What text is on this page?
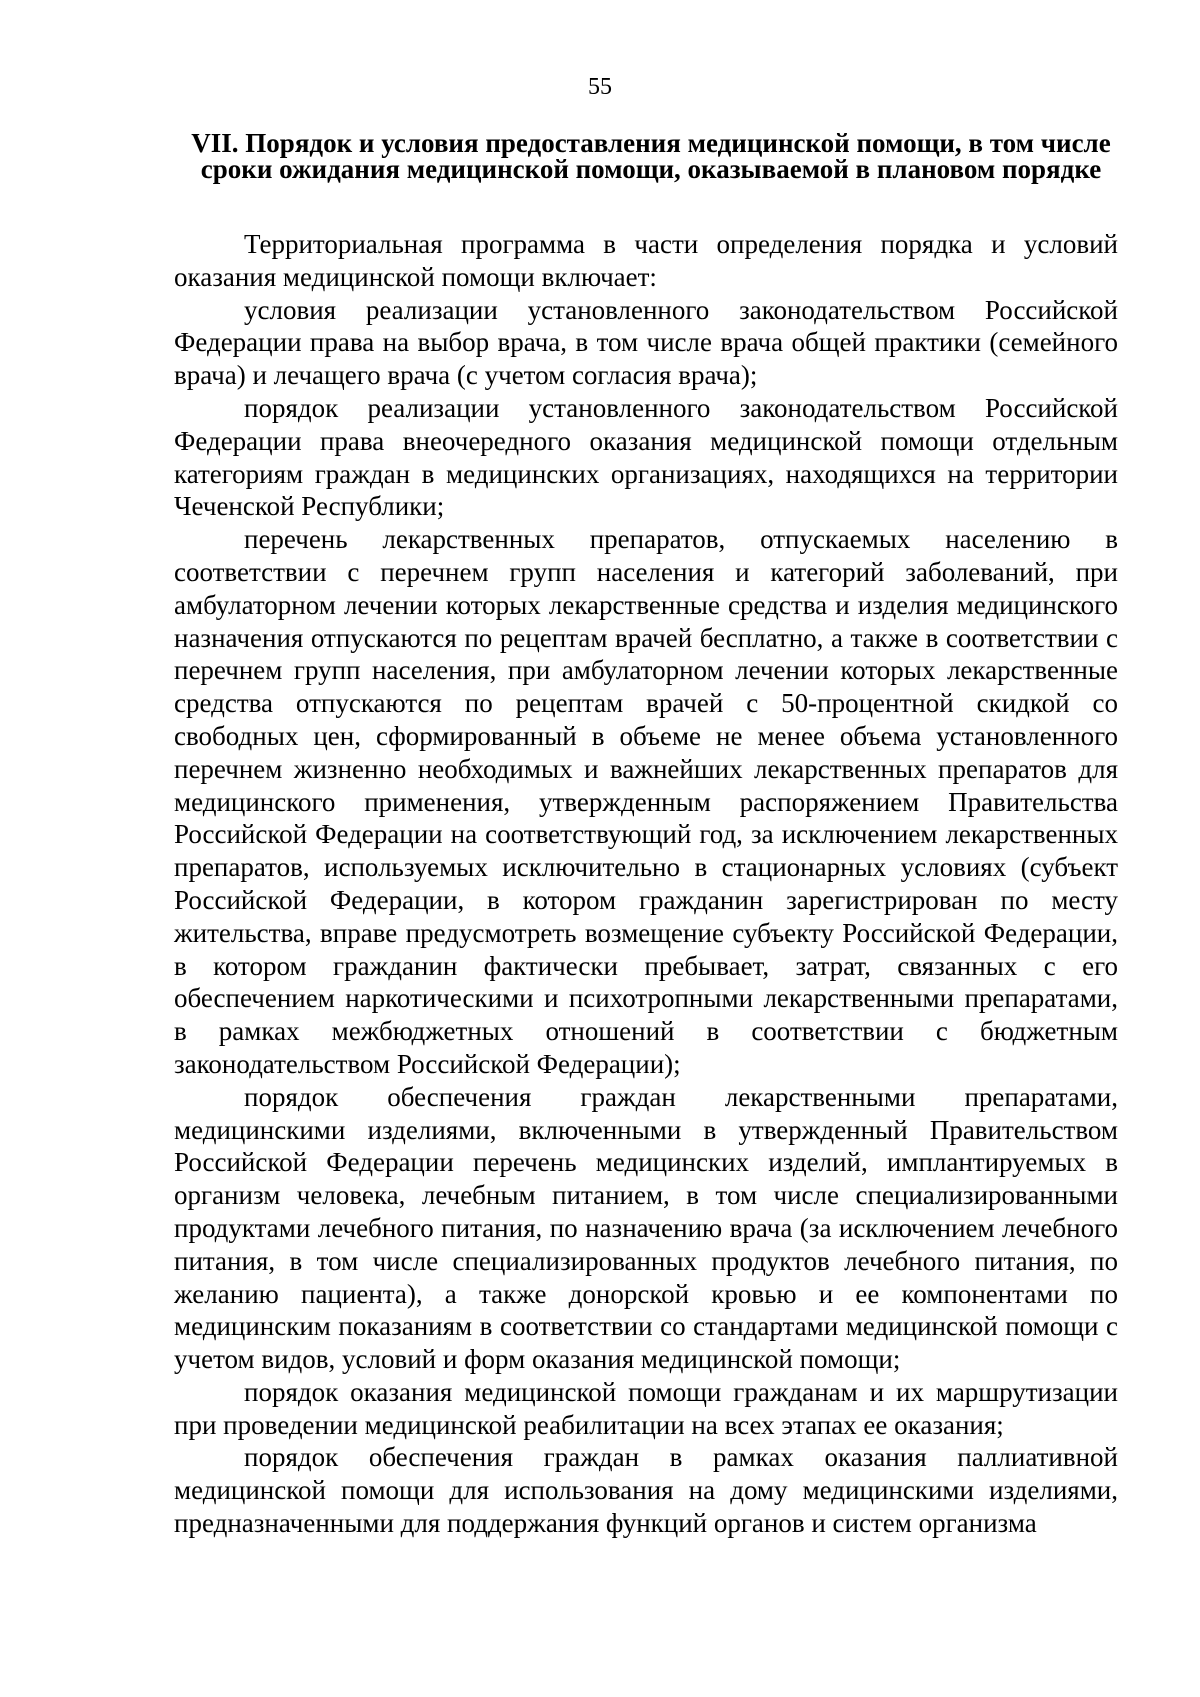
55
VII. Порядок и условия предоставления медицинской помощи, в том числе сроки ожидания медицинской помощи, оказываемой в плановом порядке

Территориальная программа в части определения порядка и условий оказания медицинской помощи включает:

условия реализации установленного законодательством Российской Федерации права на выбор врача, в том числе врача общей практики (семейного врача) и лечащего врача (с учетом согласия врача);

порядок реализации установленного законодательством Российской Федерации права внеочередного оказания медицинской помощи отдельным категориям граждан в медицинских организациях, находящихся на территории Чеченской Республики;

перечень лекарственных препаратов, отпускаемых населению в соответствии с перечнем групп населения и категорий заболеваний, при амбулаторном лечении которых лекарственные средства и изделия медицинского назначения отпускаются по рецептам врачей бесплатно, а также в соответствии с перечнем групп населения, при амбулаторном лечении которых лекарственные средства отпускаются по рецептам врачей с 50-процентной скидкой со свободных цен, сформированный в объеме не менее объема установленного перечнем жизненно необходимых и важнейших лекарственных препаратов для медицинского применения, утвержденным распоряжением Правительства Российской Федерации на соответствующий год, за исключением лекарственных препаратов, используемых исключительно в стационарных условиях (субъект Российской Федерации, в котором гражданин зарегистрирован по месту жительства, вправе предусмотреть возмещение субъекту Российской Федерации, в котором гражданин фактически пребывает, затрат, связанных с его обеспечением наркотическими и психотропными лекарственными препаратами, в рамках межбюджетных отношений в соответствии с бюджетным законодательством Российской Федерации);

порядок обеспечения граждан лекарственными препаратами, медицинскими изделиями, включенными в утвержденный Правительством Российской Федерации перечень медицинских изделий, имплантируемых в организм человека, лечебным питанием, в том числе специализированными продуктами лечебного питания, по назначению врача (за исключением лечебного питания, в том числе специализированных продуктов лечебного питания, по желанию пациента), а также донорской кровью и ее компонентами по медицинским показаниям в соответствии со стандартами медицинской помощи с учетом видов, условий и форм оказания медицинской помощи;

порядок оказания медицинской помощи гражданам и их маршрутизации при проведении медицинской реабилитации на всех этапах ее оказания;

порядок обеспечения граждан в рамках оказания паллиативной медицинской помощи для использования на дому медицинскими изделиями, предназначенными для поддержания функций органов и систем организма
